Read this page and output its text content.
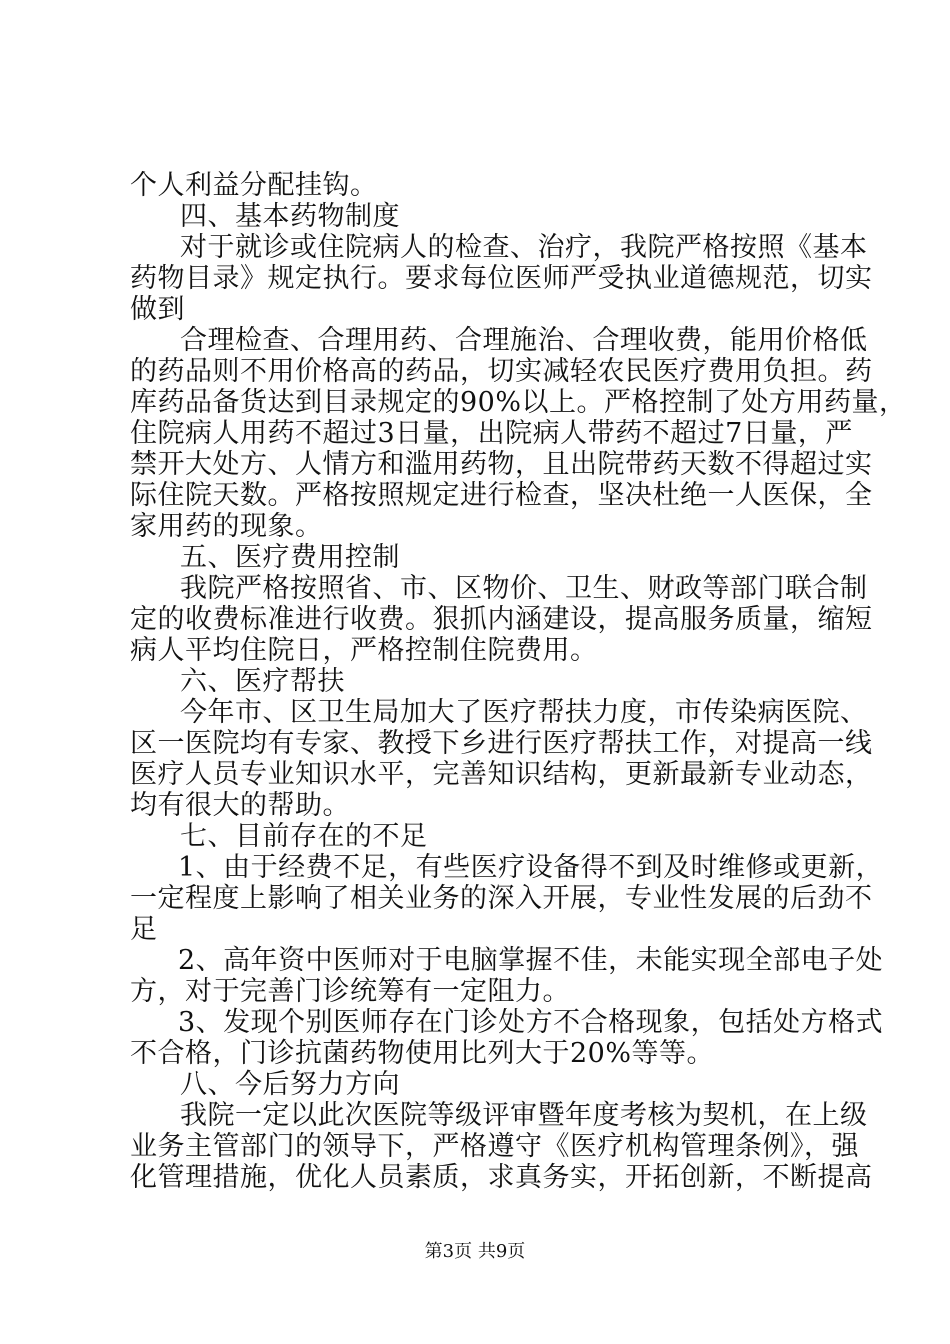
个人利益分配挂钩。
四、基本药物制度
对于就诊或住院病人的检查、治疗，我院严格按照《基本
药物目录》规定执行。要求每位医师严受执业道德规范，切实
做到
合理检查、合理用药、合理施治、合理收费，能用价格低
的药品则不用价格高的药品，切实减轻农民医疗费用负担。药
库药品备货达到目录规定的90%以上。严格控制了处方用药量，
住院病人用药不超过3日量，出院病人带药不超过7日量，严
禁开大处方、人情方和滥用药物，且出院带药天数不得超过实
际住院天数。严格按照规定进行检查，坚决杜绝一人医保，全
家用药的现象。
五、医疗费用控制
我院严格按照省、市、区物价、卫生、财政等部门联合制
定的收费标准进行收费。狠抓内涵建设，提高服务质量，缩短
病人平均住院日，严格控制住院费用。
六、医疗帮扶
今年市、区卫生局加大了医疗帮扶力度，市传染病医院、
区一医院均有专家、教授下乡进行医疗帮扶工作，对提高一线
医疗人员专业知识水平，完善知识结构，更新最新专业动态，
均有很大的帮助。
七、目前存在的不足
1、由于经费不足，有些医疗设备得不到及时维修或更新，
一定程度上影响了相关业务的深入开展，专业性发展的后劲不
足
2、高年资中医师对于电脑掌握不佳，未能实现全部电子处
方，对于完善门诊统筹有一定阻力。
3、发现个别医师存在门诊处方不合格现象，包括处方格式
不合格，门诊抗菌药物使用比列大于20%等等。
八、今后努力方向
我院一定以此次医院等级评审暨年度考核为契机，在上级
业务主管部门的领导下，严格遵守《医疗机构管理条例》，强
化管理措施，优化人员素质，求真务实，开拓创新，不断提高
第3页 共9页
